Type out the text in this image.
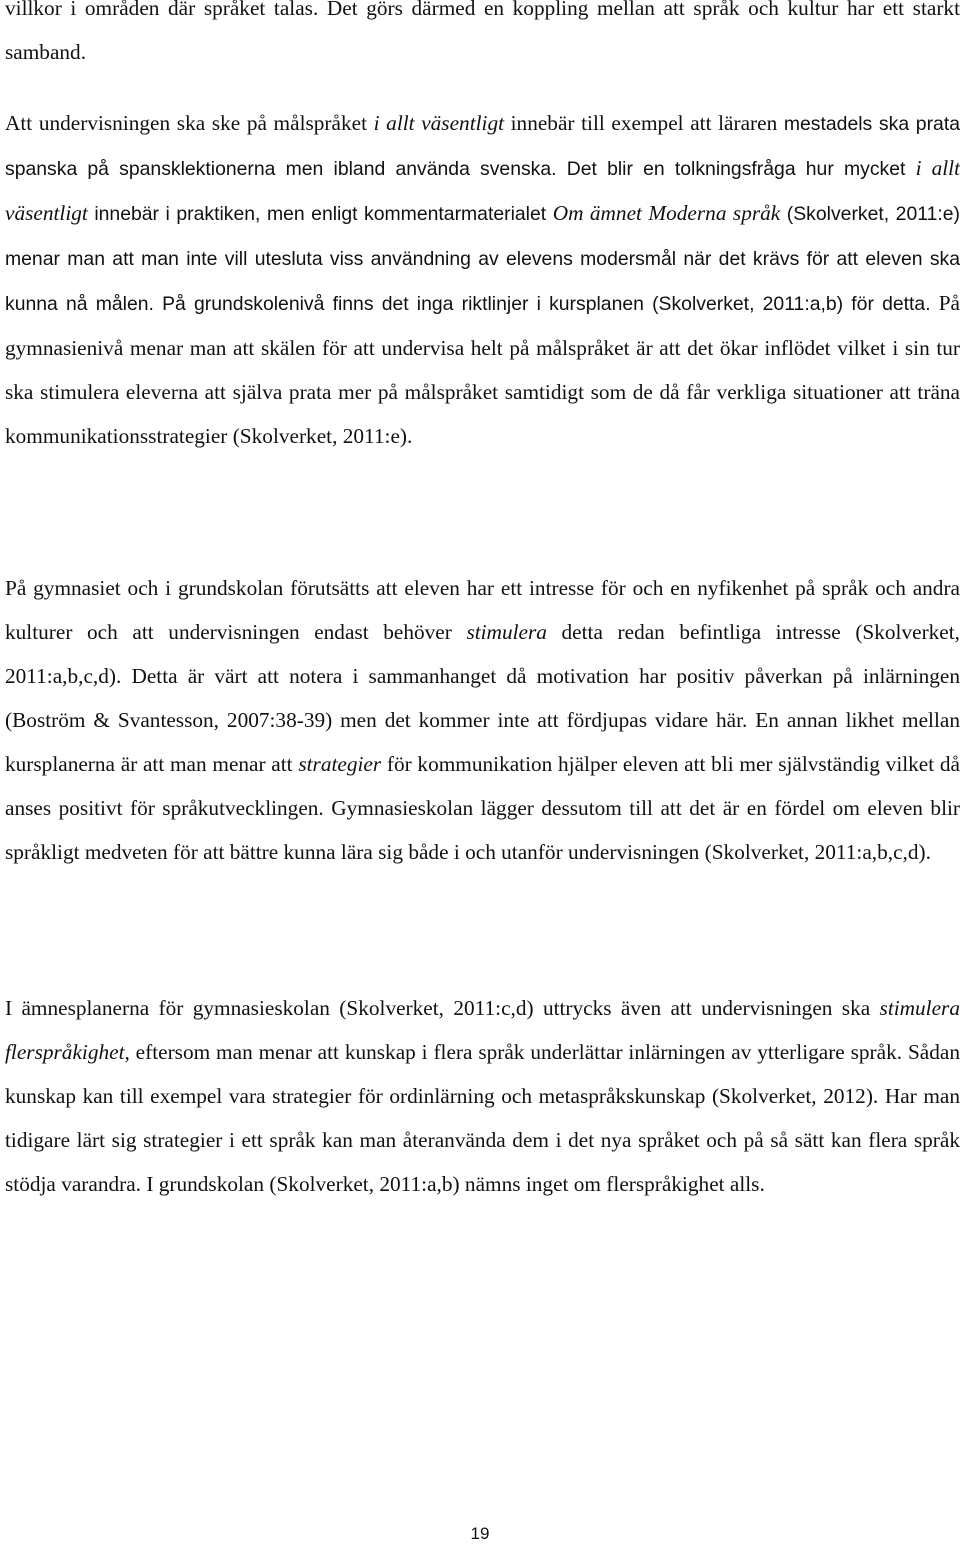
villkor i områden där språket talas. Det görs därmed en koppling mellan att språk och kultur har ett starkt samband.

Att undervisningen ska ske på målspråket i allt väsentligt innebär till exempel att läraren mestadels ska prata spanska på spansklektionerna men ibland använda svenska. Det blir en tolkningsfråga hur mycket i allt väsentligt innebär i praktiken, men enligt kommentarmaterialet Om ämnet Moderna språk (Skolverket, 2011:e) menar man att man inte vill utesluta viss användning av elevens modersmål när det krävs för att eleven ska kunna nå målen. På grundskolenivå finns det inga riktlinjer i kursplanen (Skolverket, 2011:a,b) för detta. På gymnasienivå menar man att skälen för att undervisa helt på målspråket är att det ökar inflödet vilket i sin tur ska stimulera eleverna att själva prata mer på målspråket samtidigt som de då får verkliga situationer att träna kommunikationsstrategier (Skolverket, 2011:e).

På gymnasiet och i grundskolan förutsätts att eleven har ett intresse för och en nyfikenhet på språk och andra kulturer och att undervisningen endast behöver stimulera detta redan befintliga intresse (Skolverket, 2011:a,b,c,d). Detta är värt att notera i sammanhanget då motivation har positiv påverkan på inlärningen (Boström & Svantesson, 2007:38-39) men det kommer inte att fördjupas vidare här. En annan likhet mellan kursplanerna är att man menar att strategier för kommunikation hjälper eleven att bli mer självständig vilket då anses positivt för språkutvecklingen. Gymnasieskolan lägger dessutom till att det är en fördel om eleven blir språkligt medveten för att bättre kunna lära sig både i och utanför undervisningen (Skolverket, 2011:a,b,c,d).

I ämnesplanerna för gymnasieskolan (Skolverket, 2011:c,d) uttrycks även att undervisningen ska stimulera flerspråkighet, eftersom man menar att kunskap i flera språk underlättar inlärningen av ytterligare språk. Sådan kunskap kan till exempel vara strategier för ordinlärning och metaspråkskunskap (Skolverket, 2012). Har man tidigare lärt sig strategier i ett språk kan man återanvända dem i det nya språket och på så sätt kan flera språk stödja varandra. I grundskolan (Skolverket, 2011:a,b) nämns inget om flerspråkighet alls.

19
